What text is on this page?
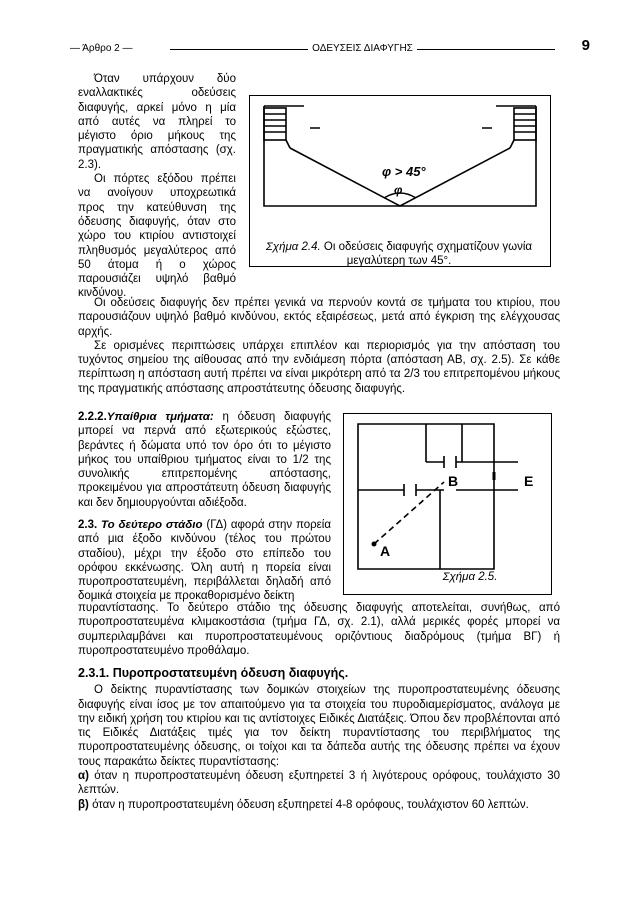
— Άρθρο 2 —	ΟΔΕΥΣΕΙΣ ΔΙΑΦΥΓΗΣ	9

Όταν υπάρχουν δύο εναλλακτικές οδεύσεις διαφυγής, αρκεί μόνο η μία από αυτές να πληρεί το μέγιστο όριο μήκους της πραγματικής απόστασης (σχ. 2.3).

Οι πόρτες εξόδου πρέπει να ανοίγουν υποχρεωτικά προς την κατεύθυνση της όδευσης διαφυγής, όταν στο χώρο του κτιρίου αντιστοιχεί πληθυσμός μεγαλύτερος από 50 άτομα ή ο χώρος παρουσιάζει υψηλό βαθμό κινδύνου.

φ > 45°
φ
Σχήμα 2.4. Οι οδεύσεις διαφυγής σχηματίζουν γωνία μεγαλύτερη των 45°.

Οι οδεύσεις διαφυγής δεν πρέπει γενικά να περνούν κοντά σε τμήματα του κτιρίου, που παρουσιάζουν υψηλό βαθμό κινδύνου, εκτός εξαιρέσεως, μετά από έγκριση της ελέγχουσας αρχής.

Σε ορισμένες περιπτώσεις υπάρχει επιπλέον και περιορισμός για την απόσταση του τυχόντος σημείου της αίθουσας από την ενδιάμεση πόρτα (απόσταση ΑΒ, σχ. 2.5). Σε κάθε περίπτωση η απόσταση αυτή πρέπει να είναι μικρότερη από τα 2/3 του επιτρεπομένου μήκους της πραγματικής απόστασης απροστάτευτης όδευσης διαφυγής.

2.2.2.Υπαίθρια τμήματα: η όδευση διαφυγής μπορεί να περνά από εξωτερικούς εξώστες, βεράντες ή δώματα υπό τον όρο ότι το μέγιστο μήκος του υπαίθριου τμήματος είναι το 1/2 της συνολικής επιτρεπομένης απόστασης, προκειμένου για απροστάτευτη όδευση διαφυγής και δεν δημιουργούνται αδιέξοδα.

A
B	E
Σχήμα 2.5.

2.3. Το δεύτερο στάδιο (ΓΔ) αφορά στην πορεία από μια έξοδο κινδύνου (τέλος του πρώτου σταδίου), μέχρι την έξοδο στο επίπεδο του ορόφου εκκένωσης. Όλη αυτή η πορεία είναι πυροπροστατευμένη, περιβάλλεται δηλαδή από δομικά στοιχεία με προκαθορισμένο δείκτη

πυραντίστασης. Το δεύτερο στάδιο της όδευσης διαφυγής αποτελείται, συνήθως, από πυροπροστατευμένα κλιμακοστάσια (τμήμα ΓΔ, σχ. 2.1), αλλά μερικές φορές μπορεί να συμπεριλαμβάνει και πυροπροστατευμένους οριζόντιους διαδρόμους (τμήμα ΒΓ) ή πυροπροστατευμένο προθάλαμο.

2.3.1. Πυροπροστατευμένη όδευση διαφυγής.

Ο δείκτης πυραντίστασης των δομικών στοιχείων της πυροπροστατευμένης όδευσης διαφυγής είναι ίσος με τον απαιτούμενο για τα στοιχεία του πυροδιαμερίσματος, ανάλογα με την ειδική χρήση του κτιρίου και τις αντίστοιχες Ειδικές Διατάξεις. Όπου δεν προβλέπονται από τις Ειδικές Διατάξεις τιμές για τον δείκτη πυραντίστασης του περιβλήματος της πυροπροστατευμένης όδευσης, οι τοίχοι και τα δάπεδα αυτής της όδευσης πρέπει να έχουν τους παρακάτω δείκτες πυραντίστασης:

α) όταν η πυροπροστατευμένη όδευση εξυπηρετεί 3 ή λιγότερους ορόφους, τουλάχιστο 30 λεπτών.

β) όταν η πυροπροστατευμένη όδευση εξυπηρετεί 4-8 ορόφους, τουλάχιστον 60 λεπτών.
